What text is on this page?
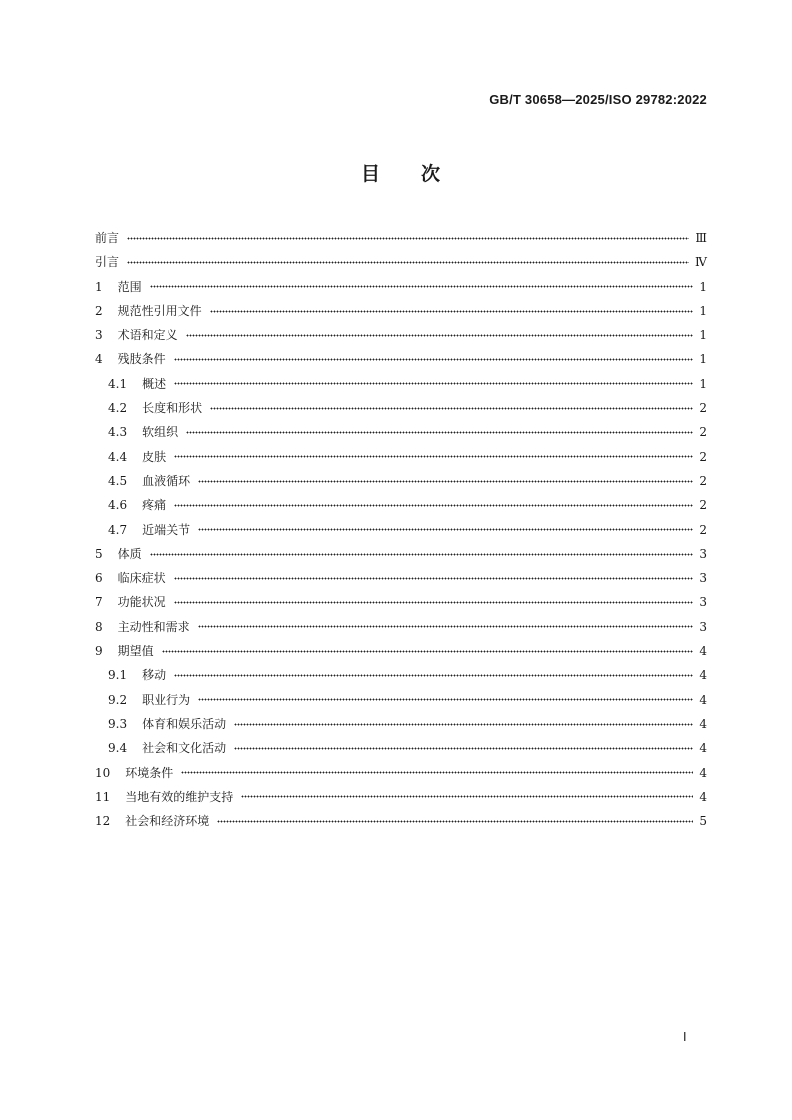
GB/T 30658—2025/ISO 29782:2022
目次
前言	Ⅲ
引言	Ⅳ
1 范围	1
2 规范性引用文件	1
3 术语和定义	1
4 残肢条件	1
4.1 概述	1
4.2 长度和形状	2
4.3 软组织	2
4.4 皮肤	2
4.5 血液循环	2
4.6 疼痛	2
4.7 近端关节	2
5 体质	3
6 临床症状	3
7 功能状况	3
8 主动性和需求	3
9 期望值	4
9.1 移动	4
9.2 职业行为	4
9.3 体育和娱乐活动	4
9.4 社会和文化活动	4
10 环境条件	4
11 当地有效的维护支持	4
12 社会和经济环境	5
Ⅰ
